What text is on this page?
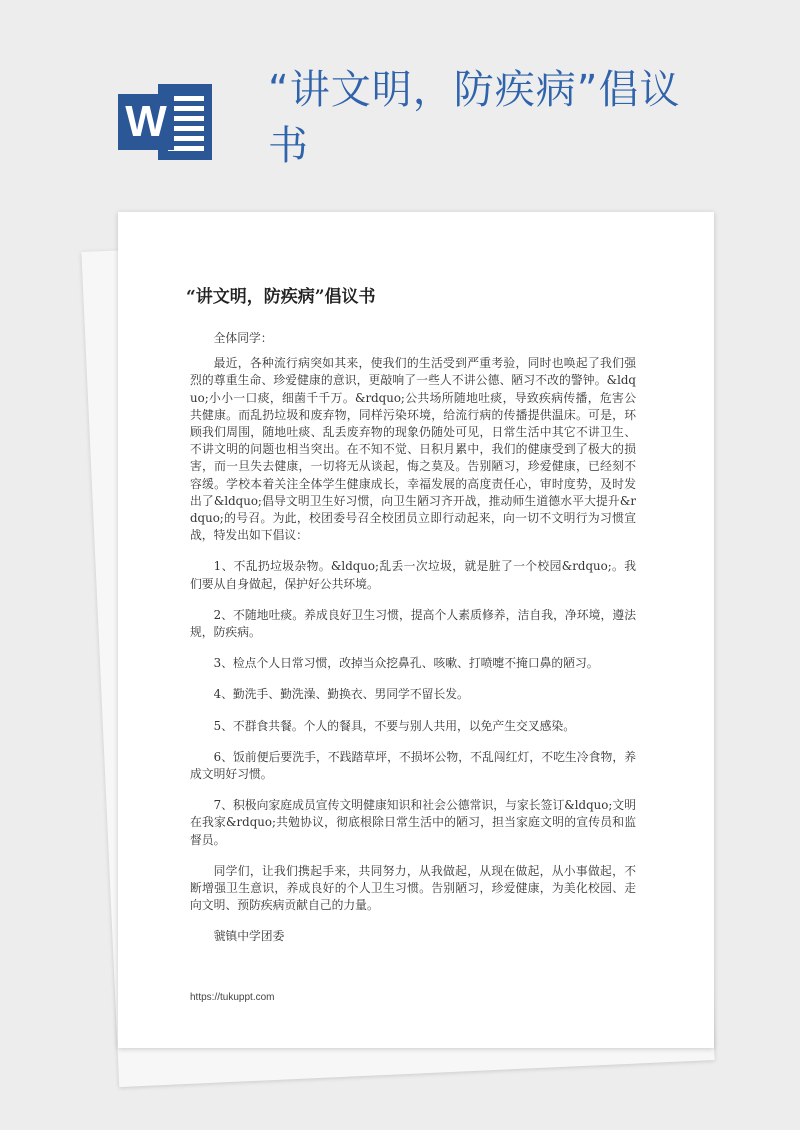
W
“讲文明，防疾病”倡议书
“讲文明，防疾病”倡议书

全体同学：

最近，各种流行病突如其来，使我们的生活受到严重考验，同时也唤起了我们强烈的尊重生命、珍爱健康的意识，更敲响了一些人不讲公德、陋习不改的警钟。&ldquo;小小一口痰，细菌千千万。&rdquo;公共场所随地吐痰，导致疾病传播，危害公共健康。而乱扔垃圾和废弃物，同样污染环境，给流行病的传播提供温床。可是，环顾我们周围，随地吐痰、乱丢废弃物的现象仍随处可见，日常生活中其它不讲卫生、不讲文明的问题也相当突出。在不知不觉、日积月累中，我们的健康受到了极大的损害，而一旦失去健康，一切将无从谈起，悔之莫及。告别陋习，珍爱健康，已经刻不容缓。学校本着关注全体学生健康成长，幸福发展的高度责任心，审时度势，及时发出了&ldquo;倡导文明卫生好习惯，向卫生陋习齐开战，推动师生道德水平大提升&rdquo;的号召。为此，校团委号召全校团员立即行动起来，向一切不文明行为习惯宣战，特发出如下倡议：

1、不乱扔垃圾杂物。&ldquo;乱丢一次垃圾，就是脏了一个校园&rdquo;。我们要从自身做起，保护好公共环境。

2、不随地吐痰。养成良好卫生习惯，提高个人素质修养，洁自我，净环境，遵法规，防疾病。

3、检点个人日常习惯，改掉当众挖鼻孔、咳嗽、打喷嚏不掩口鼻的陋习。

4、勤洗手、勤洗澡、勤换衣、男同学不留长发。

5、不群食共餐。个人的餐具，不要与别人共用，以免产生交叉感染。

6、饭前便后要洗手，不践踏草坪，不损坏公物，不乱闯红灯，不吃生冷食物，养成文明好习惯。

7、积极向家庭成员宣传文明健康知识和社会公德常识，与家长签订&ldquo;文明在我家&rdquo;共勉协议，彻底根除日常生活中的陋习，担当家庭文明的宣传员和监督员。

同学们，让我们携起手来，共同努力，从我做起，从现在做起，从小事做起，不断增强卫生意识，养成良好的个人卫生习惯。告别陋习，珍爱健康，为美化校园、走向文明、预防疾病贡献自己的力量。

虢镇中学团委

https://tukuppt.com
